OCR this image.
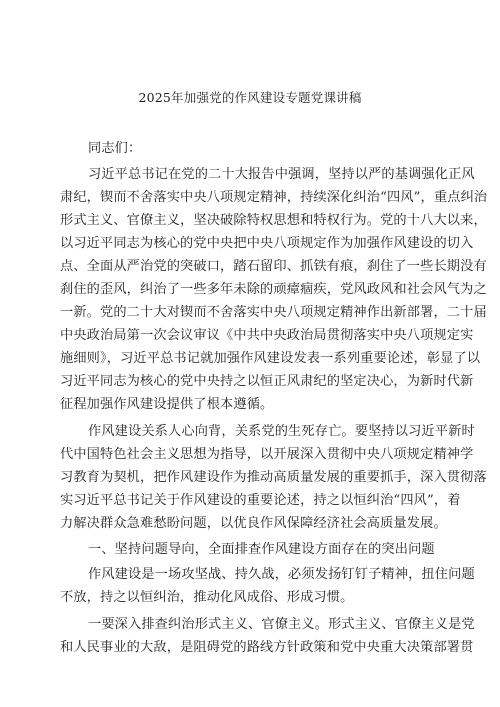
2025年加强党的作风建设专题党课讲稿
同志们：
习近平总书记在党的二十大报告中强调，坚持以严的基调强化正风
肃纪，锲而不舍落实中央八项规定精神，持续深化纠治“四风”，重点纠治
形式主义、官僚主义，坚决破除特权思想和特权行为。党的十八大以来，
以习近平同志为核心的党中央把中央八项规定作为加强作风建设的切入
点、全面从严治党的突破口，踏石留印、抓铁有痕，刹住了一些长期没有
刹住的歪风，纠治了一些多年未除的顽瘴痼疾，党风政风和社会风气为之
一新。党的二十大对锲而不舍落实中央八项规定精神作出新部署，二十届
中央政治局第一次会议审议《中共中央政治局贯彻落实中央八项规定实
施细则》，习近平总书记就加强作风建设发表一系列重要论述，彰显了以
习近平同志为核心的党中央持之以恒正风肃纪的坚定决心，为新时代新
征程加强作风建设提供了根本遵循。
作风建设关系人心向背，关系党的生死存亡。要坚持以习近平新时
代中国特色社会主义思想为指导，以开展深入贯彻中央八项规定精神学
习教育为契机，把作风建设作为推动高质量发展的重要抓手，深入贯彻落
实习近平总书记关于作风建设的重要论述，持之以恒纠治“四风”，着
力解决群众急难愁盼问题，以优良作风保障经济社会高质量发展。
一、坚持问题导向，全面排查作风建设方面存在的突出问题
作风建设是一场攻坚战、持久战，必须发扬钉钉子精神，扭住问题
不放，持之以恒纠治，推动化风成俗、形成习惯。
一要深入排查纠治形式主义、官僚主义。形式主义、官僚主义是党
和人民事业的大敌，是阻碍党的路线方针政策和党中央重大决策部署贯
